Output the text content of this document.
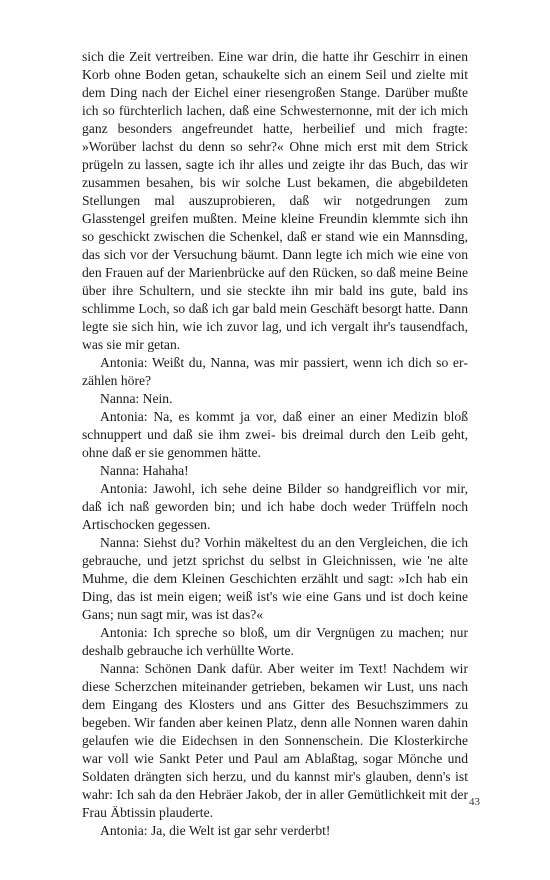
sich die Zeit vertreiben. Eine war drin, die hatte ihr Geschirr in einen Korb ohne Boden getan, schaukelte sich an einem Seil und zielte mit dem Ding nach der Eichel einer riesengroßen Stange. Darüber mußte ich so fürchterlich lachen, daß eine Schwesternonne, mit der ich mich ganz besonders angefreundet hatte, herbeilief und mich fragte: »Worüber lachst du denn so sehr?« Ohne mich erst mit dem Strick prügeln zu lassen, sagte ich ihr alles und zeigte ihr das Buch, das wir zusammen besahen, bis wir solche Lust bekamen, die abgebildeten Stellungen mal auszuprobieren, daß wir notgedrungen zum Glasstengel greifen mußten. Meine kleine Freundin klemmte sich ihn so geschickt zwischen die Schenkel, daß er stand wie ein Mannsding, das sich vor der Versuchung bäumt. Dann legte ich mich wie eine von den Frauen auf der Marienbrücke auf den Rücken, so daß meine Beine über ihre Schultern, und sie steckte ihn mir bald ins gute, bald ins schlimme Loch, so daß ich gar bald mein Geschäft besorgt hatte. Dann legte sie sich hin, wie ich zuvor lag, und ich vergalt ihr's tausendfach, was sie mir getan.

Antonia: Weißt du, Nanna, was mir passiert, wenn ich dich so erzählen höre?

Nanna: Nein.

Antonia: Na, es kommt ja vor, daß einer an einer Medizin bloß schnuppert und daß sie ihm zwei- bis dreimal durch den Leib geht, ohne daß er sie genommen hätte.

Nanna: Hahaha!

Antonia: Jawohl, ich sehe deine Bilder so handgreiflich vor mir, daß ich naß geworden bin; und ich habe doch weder Trüffeln noch Artischocken gegessen.

Nanna: Siehst du? Vorhin mäkeltest du an den Vergleichen, die ich gebrauche, und jetzt sprichst du selbst in Gleichnissen, wie 'ne alte Muhme, die dem Kleinen Geschichten erzählt und sagt: »Ich hab ein Ding, das ist mein eigen; weiß ist's wie eine Gans und ist doch keine Gans; nun sagt mir, was ist das?«

Antonia: Ich spreche so bloß, um dir Vergnügen zu machen; nur deshalb gebrauche ich verhüllte Worte.

Nanna: Schönen Dank dafür. Aber weiter im Text! Nachdem wir diese Scherzchen miteinander getrieben, bekamen wir Lust, uns nach dem Eingang des Klosters und ans Gitter des Besuchszimmers zu begeben. Wir fanden aber keinen Platz, denn alle Nonnen waren dahin gelaufen wie die Eidechsen in den Sonnenschein. Die Klosterkirche war voll wie Sankt Peter und Paul am Ablaßtag, sogar Mönche und Soldaten drängten sich herzu, und du kannst mir's glauben, denn's ist wahr: Ich sah da den Hebräer Jakob, der in aller Gemütlichkeit mit der Frau Äbtissin plauderte.

Antonia: Ja, die Welt ist gar sehr verderbt!

43
